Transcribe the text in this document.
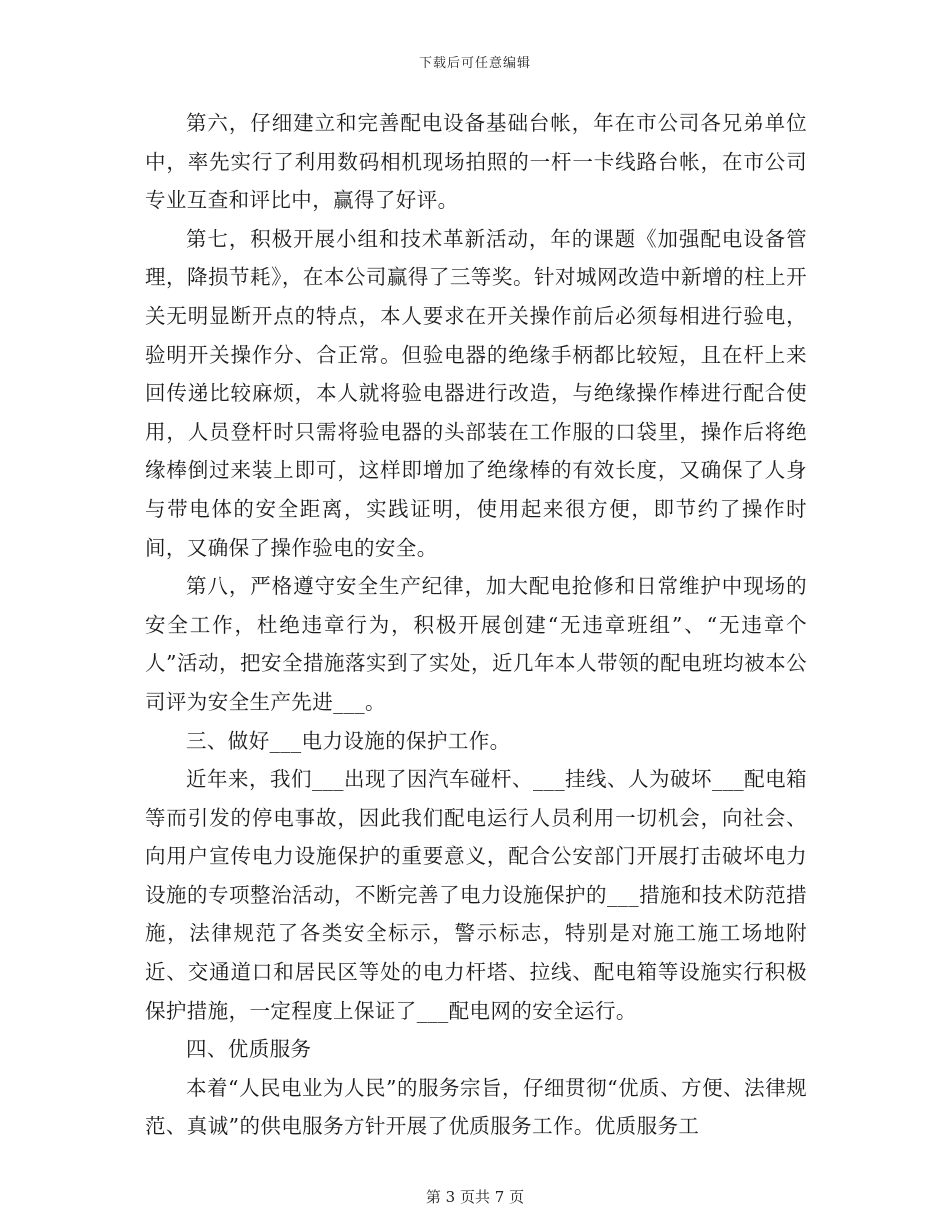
下载后可任意编辑

第六，仔细建立和完善配电设备基础台帐，年在市公司各兄弟单位中，率先实行了利用数码相机现场拍照的一杆一卡线路台帐，在市公司专业互查和评比中，赢得了好评。

第七，积极开展小组和技术革新活动，年的课题《加强配电设备管理，降损节耗》，在本公司赢得了三等奖。针对城网改造中新增的柱上开关无明显断开点的特点，本人要求在开关操作前后必须每相进行验电，验明开关操作分、合正常。但验电器的绝缘手柄都比较短，且在杆上来回传递比较麻烦，本人就将验电器进行改造，与绝缘操作棒进行配合使用，人员登杆时只需将验电器的头部装在工作服的口袋里，操作后将绝缘棒倒过来装上即可，这样即增加了绝缘棒的有效长度，又确保了人身与带电体的安全距离，实践证明，使用起来很方便，即节约了操作时间，又确保了操作验电的安全。

第八，严格遵守安全生产纪律，加大配电抢修和日常维护中现场的安全工作，杜绝违章行为，积极开展创建“无违章班组”、“无违章个人”活动，把安全措施落实到了实处，近几年本人带领的配电班均被本公司评为安全生产先进___。

三、做好___电力设施的保护工作。

近年来，我们___出现了因汽车碰杆、___挂线、人为破坏___配电箱等而引发的停电事故，因此我们配电运行人员利用一切机会，向社会、向用户宣传电力设施保护的重要意义，配合公安部门开展打击破坏电力设施的专项整治活动，不断完善了电力设施保护的___措施和技术防范措施，法律规范了各类安全标示，警示标志，特别是对施工施工场地附近、交通道口和居民区等处的电力杆塔、拉线、配电箱等设施实行积极保护措施，一定程度上保证了___配电网的安全运行。

四、优质服务

本着“人民电业为人民”的服务宗旨，仔细贯彻“优质、方便、法律规范、真诚”的供电服务方针开展了优质服务工作。优质服务工

第 3 页共 7 页
